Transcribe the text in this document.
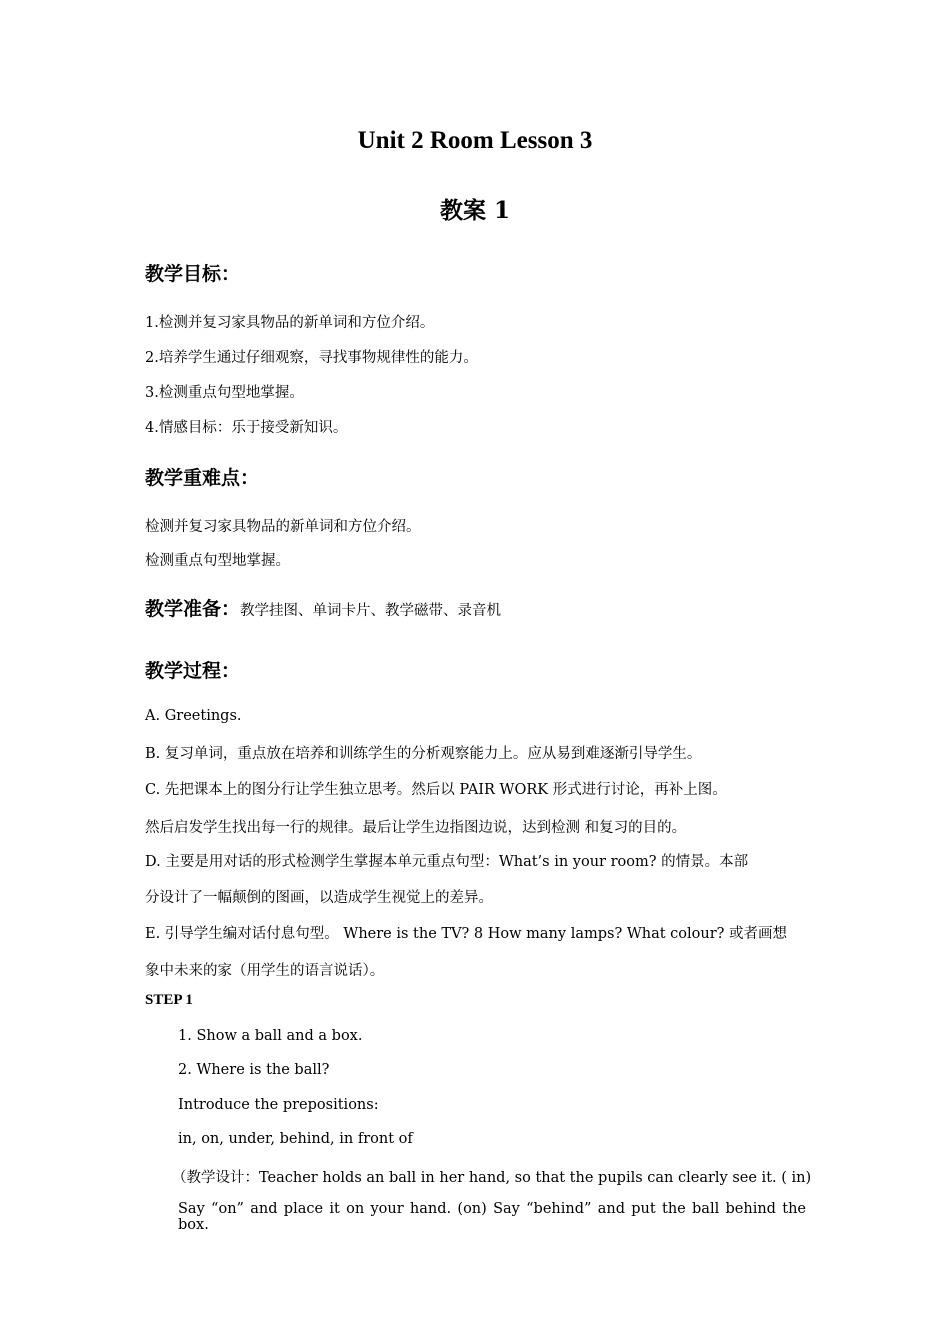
Unit 2 Room Lesson 3
教案 1
教学目标：
1.检测并复习家具物品的新单词和方位介绍。
2.培养学生通过仔细观察，寻找事物规律性的能力。
3.检测重点句型地掌握。
4.情感目标：乐于接受新知识。
教学重难点：
检测并复习家具物品的新单词和方位介绍。
检测重点句型地掌握。
教学准备：教学挂图、单词卡片、教学磁带、录音机
教学过程：
A. Greetings.
B. 复习单词，重点放在培养和训练学生的分析观察能力上。应从易到难逐渐引导学生。
C. 先把课本上的图分行让学生独立思考。然后以 PAIR WORK 形式进行讨论，再补上图。
然后启发学生找出每一行的规律。最后让学生边指图边说，达到检测 和复习的目的。
D. 主要是用对话的形式检测学生掌握本单元重点句型：What’s in your room? 的情景。本部
分设计了一幅颠倒的图画，以造成学生视觉上的差异。
E. 引导学生编对话付息句型。 Where is the TV? 8 How many lamps? What colour? 或者画想
象中未来的家（用学生的语言说话）。
STEP 1
1. Show a ball and a box.
2. Where is the ball?
Introduce the prepositions:
in, on, under, behind, in front of
（教学设计：Teacher holds an ball in her hand, so that the pupils can clearly see it. ( in)
Say “on” and place it on your hand. (on) Say “behind” and put the ball behind the box.
